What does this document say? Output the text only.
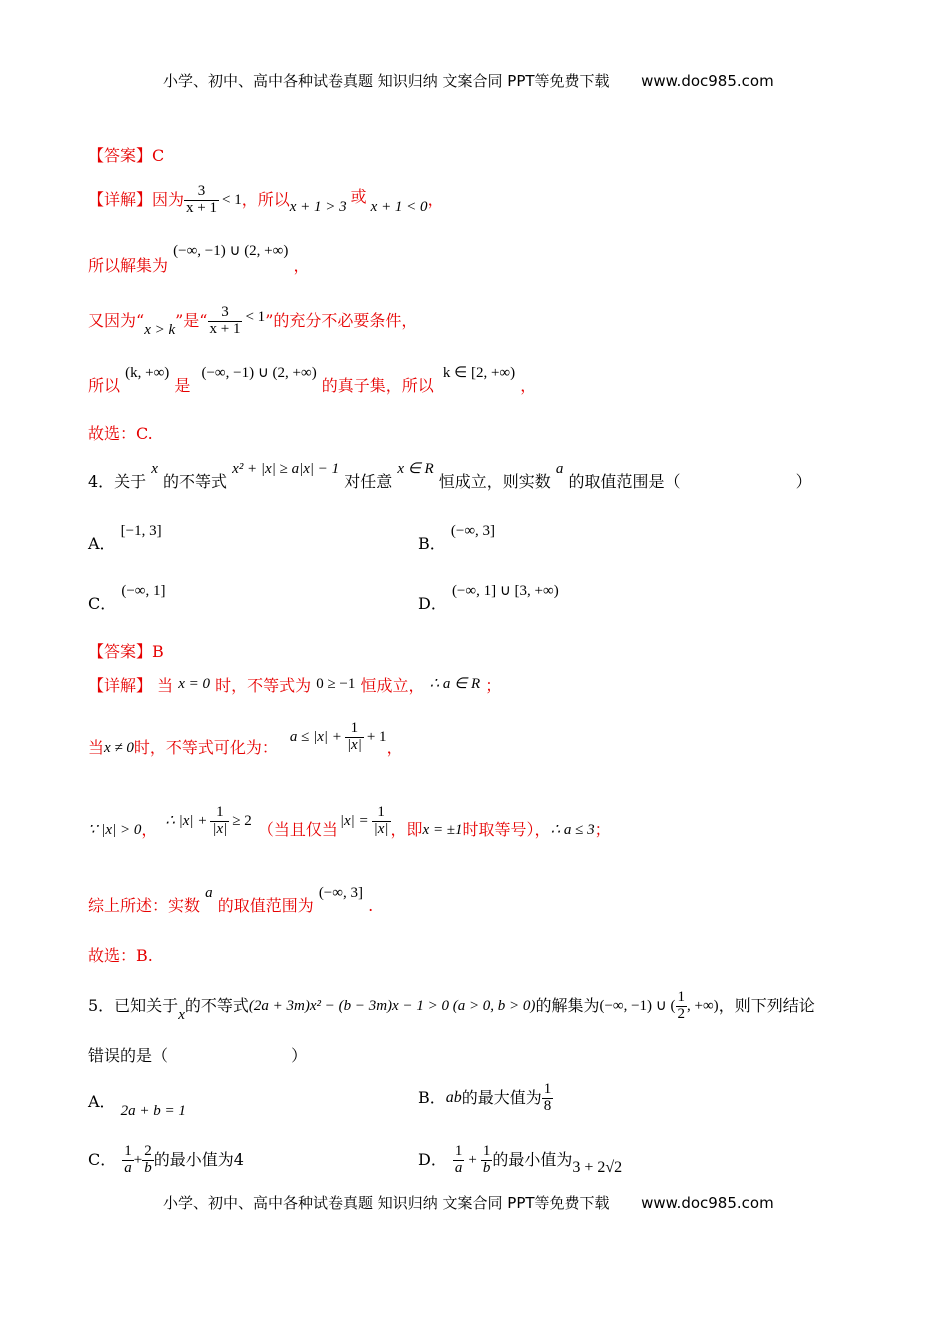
小学、初中、高中各种试卷真题 知识归纳 文案合同 PPT等免费下载 www.doc985.com
【答案】C
【详解】 因为 $\frac{3}{x + 1} < 1$ ，所以 x + 1 > 3
或
x + 1 < 0 ，
所以解集为 (−∞, −1) ∪ (2, +∞) ，
又因为“ x > k ”是“ $\frac{3}{x + 1} < 1$ ”的充分不必要条件，
所以 (k, +∞) 是 (−∞, −1) ∪ (2, +∞) 的真子集，所以 k ∈ [2, +∞) ，
故选：C.
4．关于 x 的不等式 x² + |x| ≥ a|x| − 1 对任意 x ∈ R 恒成立，则实数 a 的取值范围是（	）
A． [−1, 3]
B． (−∞, 3]
C． (−∞, 1]
D． (−∞, 1] ∪ [3, +∞)
【答案】B
【详解】 当 x = 0 时，不等式为 0 ≥ −1 恒成立， ∴ a ∈ R ；
当 x ≠ 0 时，不等式可化为：
$a \le |x| + \frac{1}{|x|} + 1$
，
∵ |x| > 0 ， ∴ $|x| + \frac{1}{|x|} \ge 2$ （当且仅当 $|x| = \frac{1}{|x|}$ ，即 x = ±1 时取等号）， ∴ a ≤ 3 ；
综上所述：实数 a 的取值范围为 (−∞, 3] .
故选：B.
5．已知关于 x 的不等式 (2a + 3m)x² − (b − 3m)x − 1 > 0 (a > 0, b > 0) 的解集为 (−∞, −1) ∪ ( $\frac{1}{2}$ , +∞) ，则下列结论
错误的是（	）
A． 2a + b = 1
B． ab 的最大值为 $\frac{1}{8}$
C． $\frac{1}{a} + \frac{2}{b}$ 的最小值为4	D． $\frac{1}{a} + \frac{1}{b}$ 的最小值为 3 + 2√2
小学、初中、高中各种试卷真题 知识归纳 文案合同 PPT等免费下载 www.doc985.com
